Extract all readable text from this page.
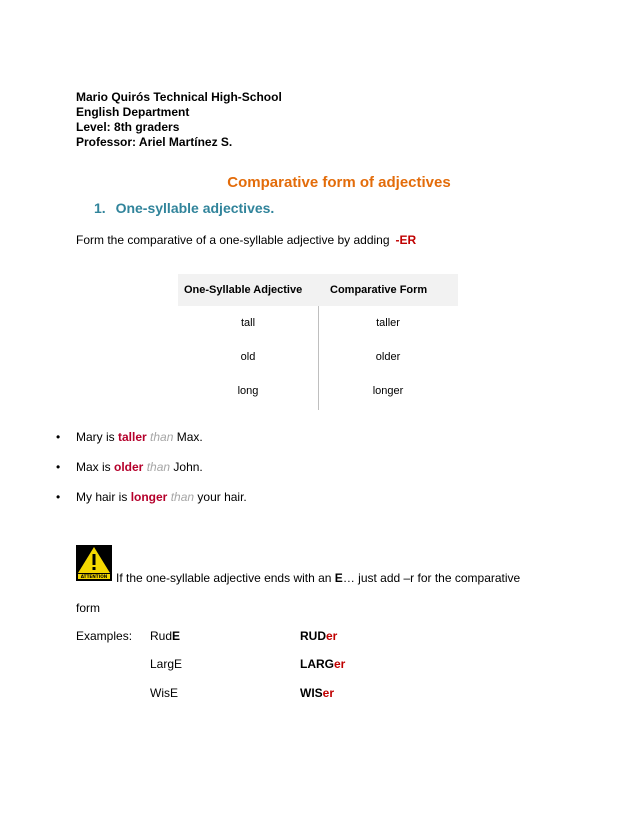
Mario Quirós Technical High-School
English Department
Level: 8th graders
Professor: Ariel Martínez S.
Comparative form of adjectives
1. One-syllable adjectives.
Form the comparative of a one-syllable adjective by adding -ER
One-Syllable Adjective	Comparative Form
tall	taller
old	older
long	longer
• Mary is taller than Max.
• Max is older than John.
• My hair is longer than your hair.
ATTENTION If the one-syllable adjective ends with an E… just add –r for the comparative
form
Examples: RudE	RUDer
LargE	LARGer
WisE	WISer
